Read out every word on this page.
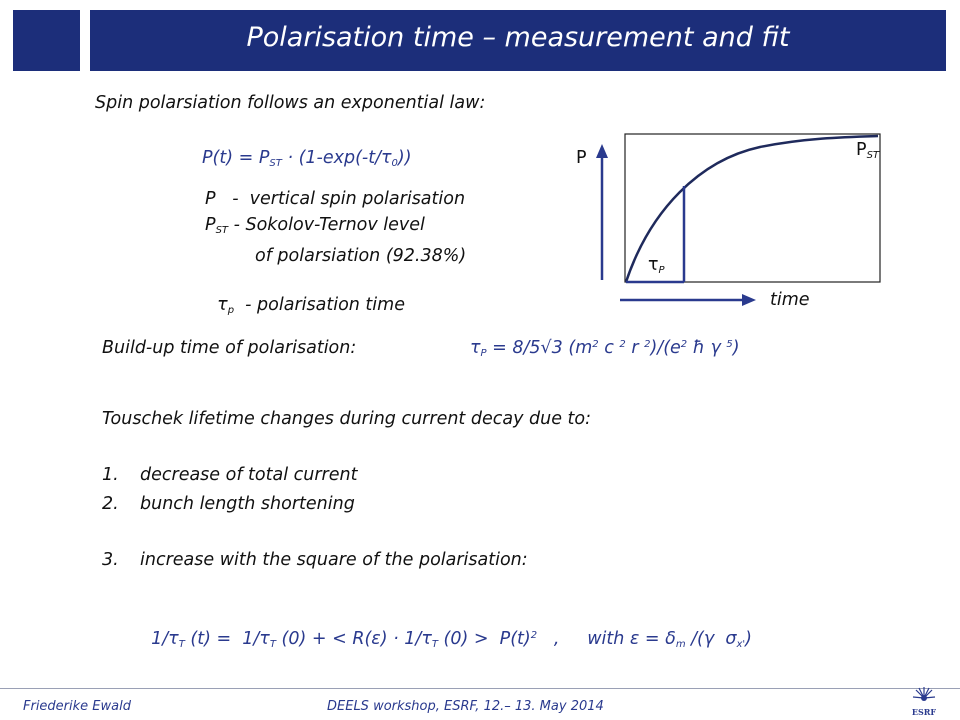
Polarisation time – measurement and fit
Spin polarsiation follows an exponential law:
$P(t) = P_{ST} \cdot (1-\exp(-t/\tau_0))$
P   -  vertical spin polarisation
$P_{ST}$ - Sokolov-Ternov level
of polarsiation (92.38%)

$\tau_p$  - polarisation time

P	$P_{ST}$
$\tau_P$
time
Build-up time of polarisation:	$\tau_P = 8/5√3$ ($m^2$ c $^2$ r $^2)/(e^2$ ħ γ $^5$)
Touschek lifetime changes during current decay due to:
1. decrease of total current
2. bunch length shortening
3. increase with the square of the polarisation:

$1/\tau_T$ $(t) = 1/\tau_T$ (0) + < $R(\varepsilon) \cdot 1/\tau_T$ $(0) > P(t)^2$   ,     with $\varepsilon = \delta_m$ /(γ  $\sigma_{x'}$)

Friederike Ewald	DEELS workshop, ESRF, 12.– 13. May 2014	ESRF
